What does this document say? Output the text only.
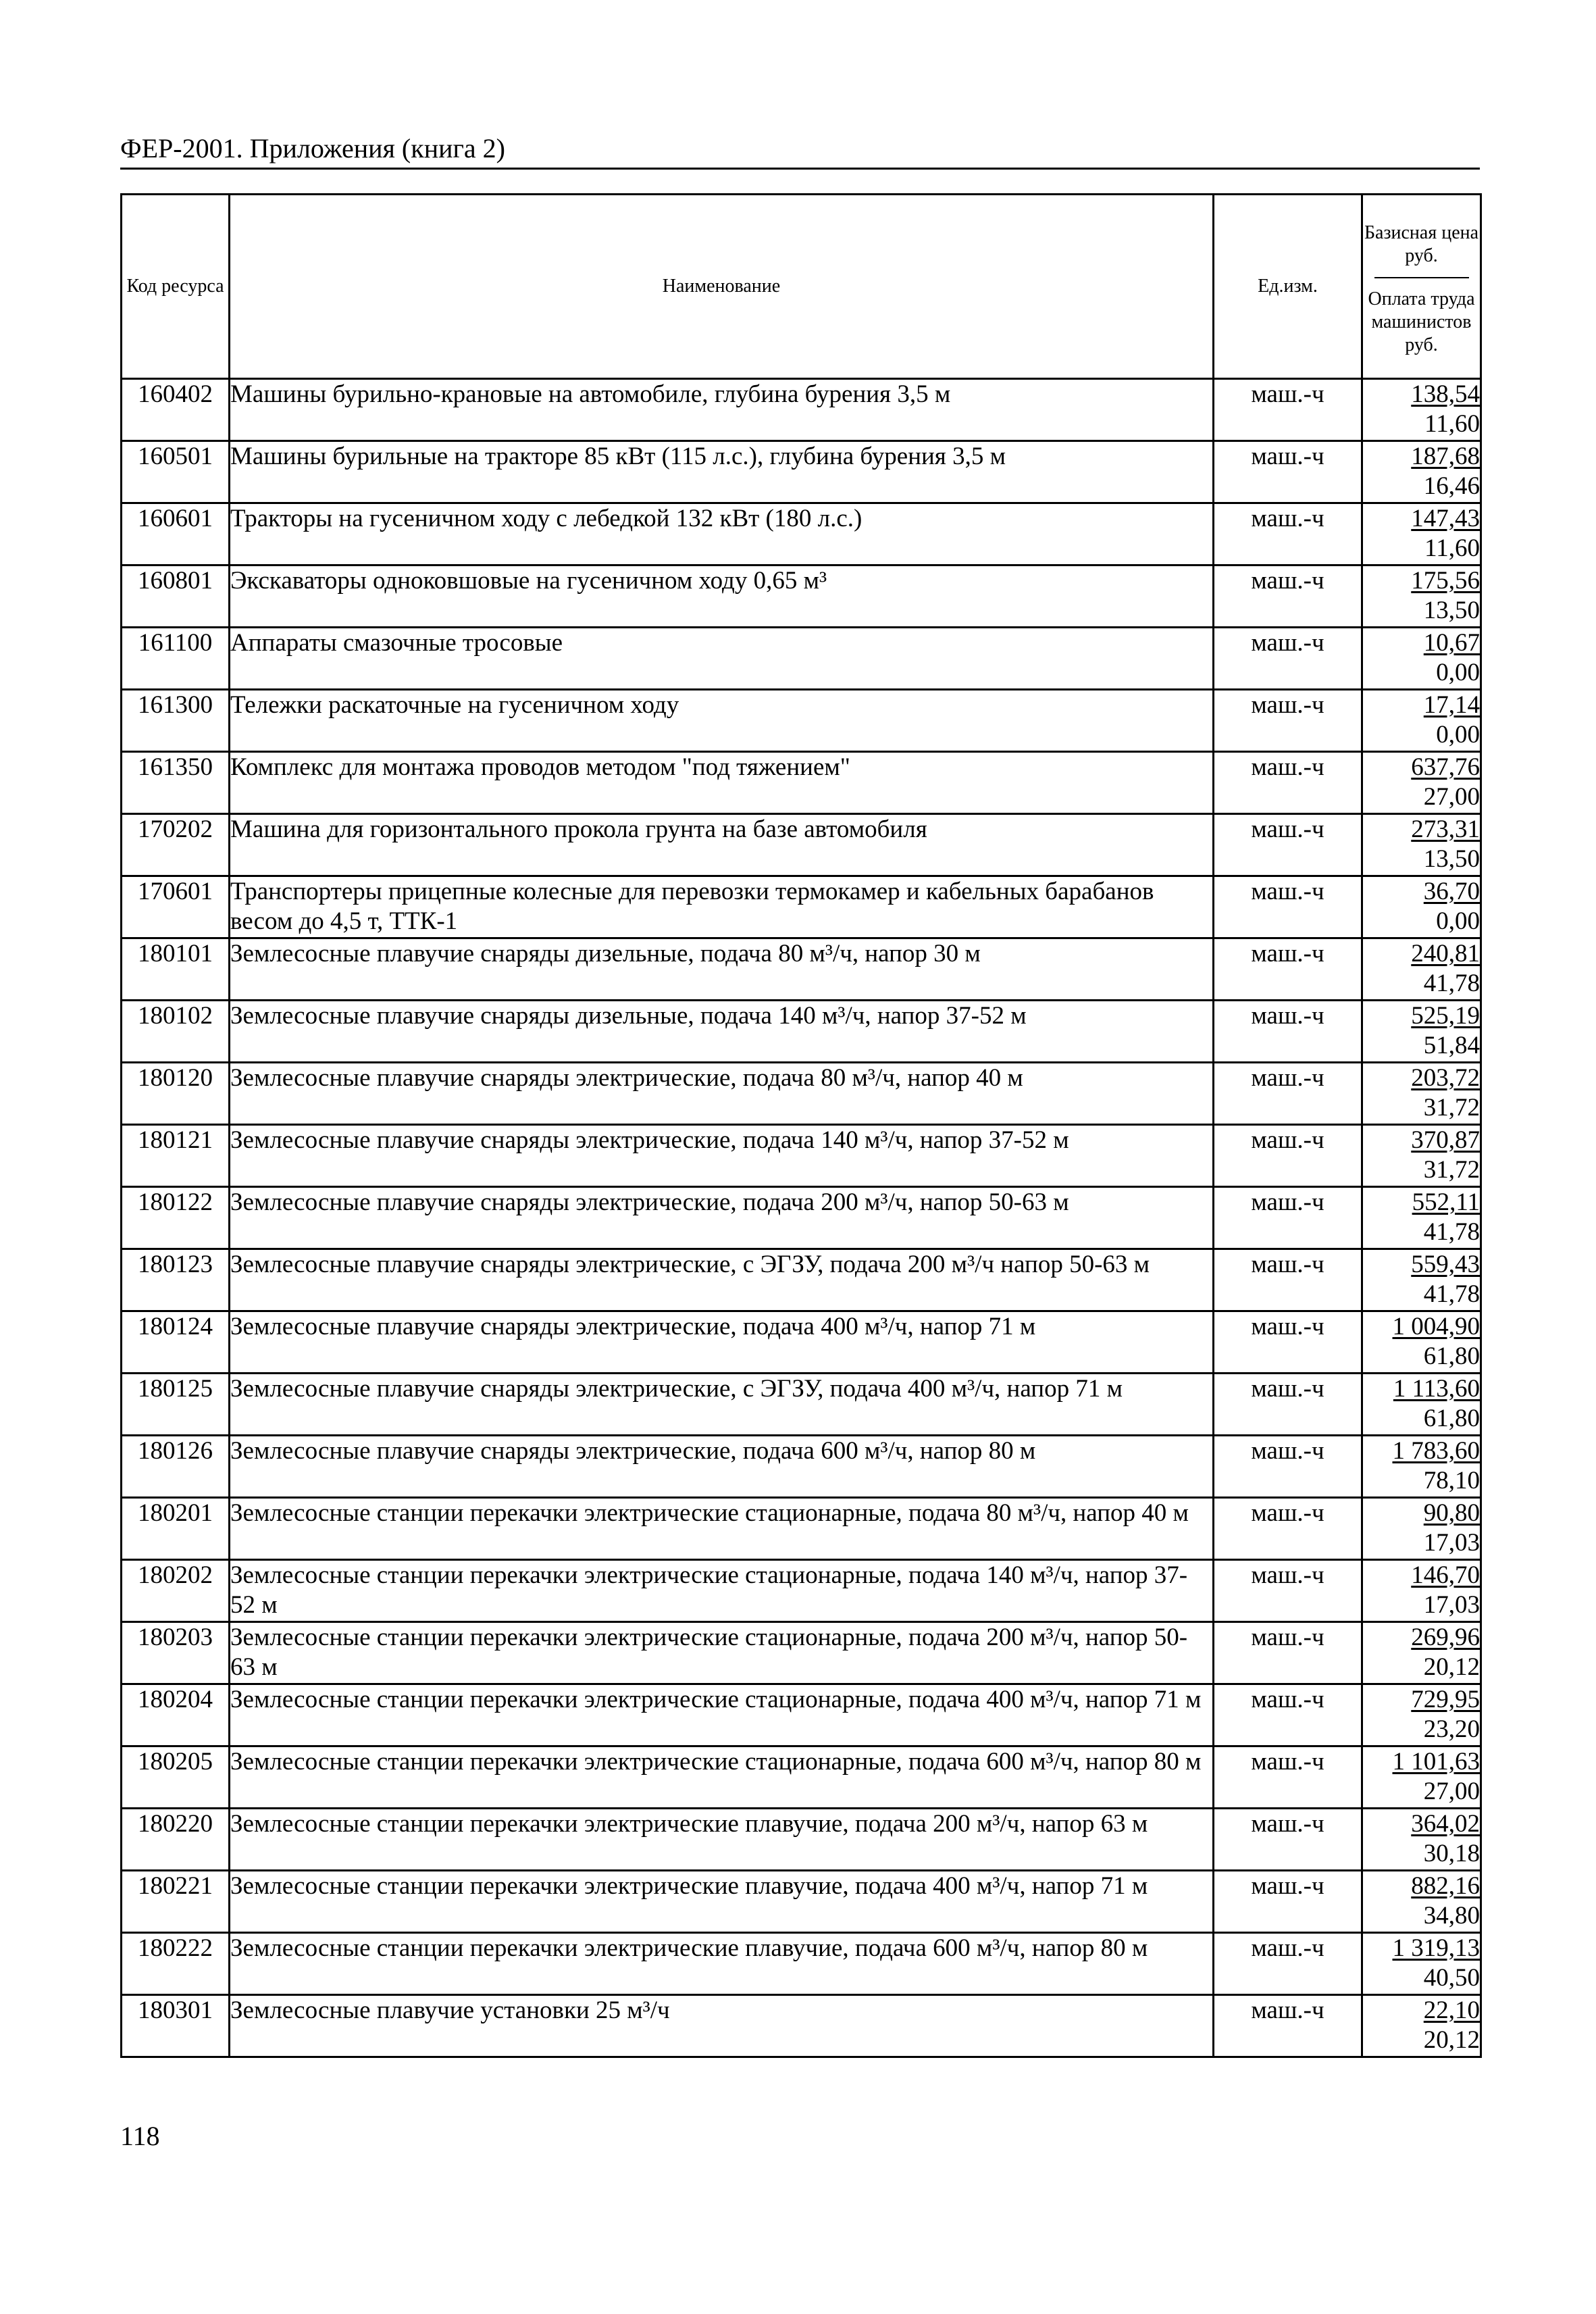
ФЕР-2001. Приложения (книга 2)
Код ресурса	Наименование	Ед.изм.	Базисная цена руб.
Оплата труда машинистов руб.

160402	Машины бурильно-крановые на автомобиле, глубина бурения 3,5 м	маш.-ч	138,54
11,60

160501	Машины бурильные на тракторе 85 кВт (115 л.с.), глубина бурения 3,5 м	маш.-ч	187,68
16,46

160601	Тракторы на гусеничном ходу с лебедкой 132 кВт (180 л.с.)	маш.-ч	147,43
11,60

160801	Экскаваторы одноковшовые на гусеничном ходу 0,65 м³	маш.-ч	175,56
13,50

161100	Аппараты смазочные тросовые	маш.-ч	10,67
0,00

161300	Тележки раскаточные на гусеничном ходу	маш.-ч	17,14
0,00

161350	Комплекс для монтажа проводов методом "под тяжением"	маш.-ч	637,76
27,00

170202	Машина для горизонтального прокола грунта на базе автомобиля	маш.-ч	273,31
13,50

170601	Транспортеры прицепные колесные для перевозки термокамер и кабельных барабанов весом до 4,5 т, ТТК-1	маш.-ч	36,70
0,00

180101	Землесосные плавучие снаряды дизельные, подача 80 м³/ч, напор 30 м	маш.-ч	240,81
41,78

180102	Землесосные плавучие снаряды дизельные, подача 140 м³/ч, напор 37-52 м	маш.-ч	525,19
51,84

180120	Землесосные плавучие снаряды электрические, подача 80 м³/ч, напор 40 м	маш.-ч	203,72
31,72

180121	Землесосные плавучие снаряды электрические, подача 140 м³/ч, напор 37-52 м	маш.-ч	370,87
31,72

180122	Землесосные плавучие снаряды электрические, подача 200 м³/ч, напор 50-63 м	маш.-ч	552,11
41,78

180123	Землесосные плавучие снаряды электрические, с ЭГЗУ, подача 200 м³/ч напор 50-63 м	маш.-ч	559,43
41,78

180124	Землесосные плавучие снаряды электрические, подача 400 м³/ч, напор 71 м	маш.-ч	1 004,90
61,80

180125	Землесосные плавучие снаряды электрические, с ЭГЗУ, подача 400 м³/ч, напор 71 м	маш.-ч	1 113,60
61,80

180126	Землесосные плавучие снаряды электрические, подача 600 м³/ч, напор 80 м	маш.-ч	1 783,60
78,10

180201	Землесосные станции перекачки электрические стационарные, подача 80 м³/ч, напор 40 м	маш.-ч	90,80
17,03

180202	Землесосные станции перекачки электрические стационарные, подача 140 м³/ч, напор 37-52 м	маш.-ч	146,70
17,03

180203	Землесосные станции перекачки электрические стационарные, подача 200 м³/ч, напор 50-63 м	маш.-ч	269,96
20,12

180204	Землесосные станции перекачки электрические стационарные, подача 400 м³/ч, напор 71 м	маш.-ч	729,95
23,20

180205	Землесосные станции перекачки электрические стационарные, подача 600 м³/ч, напор 80 м	маш.-ч	1 101,63
27,00

180220	Землесосные станции перекачки электрические плавучие, подача 200 м³/ч, напор 63 м	маш.-ч	364,02
30,18

180221	Землесосные станции перекачки электрические плавучие, подача 400 м³/ч, напор 71 м	маш.-ч	882,16
34,80

180222	Землесосные станции перекачки электрические плавучие, подача 600 м³/ч, напор 80 м	маш.-ч	1 319,13
40,50

180301	Землесосные плавучие установки 25 м³/ч	маш.-ч	22,10
20,12
118
